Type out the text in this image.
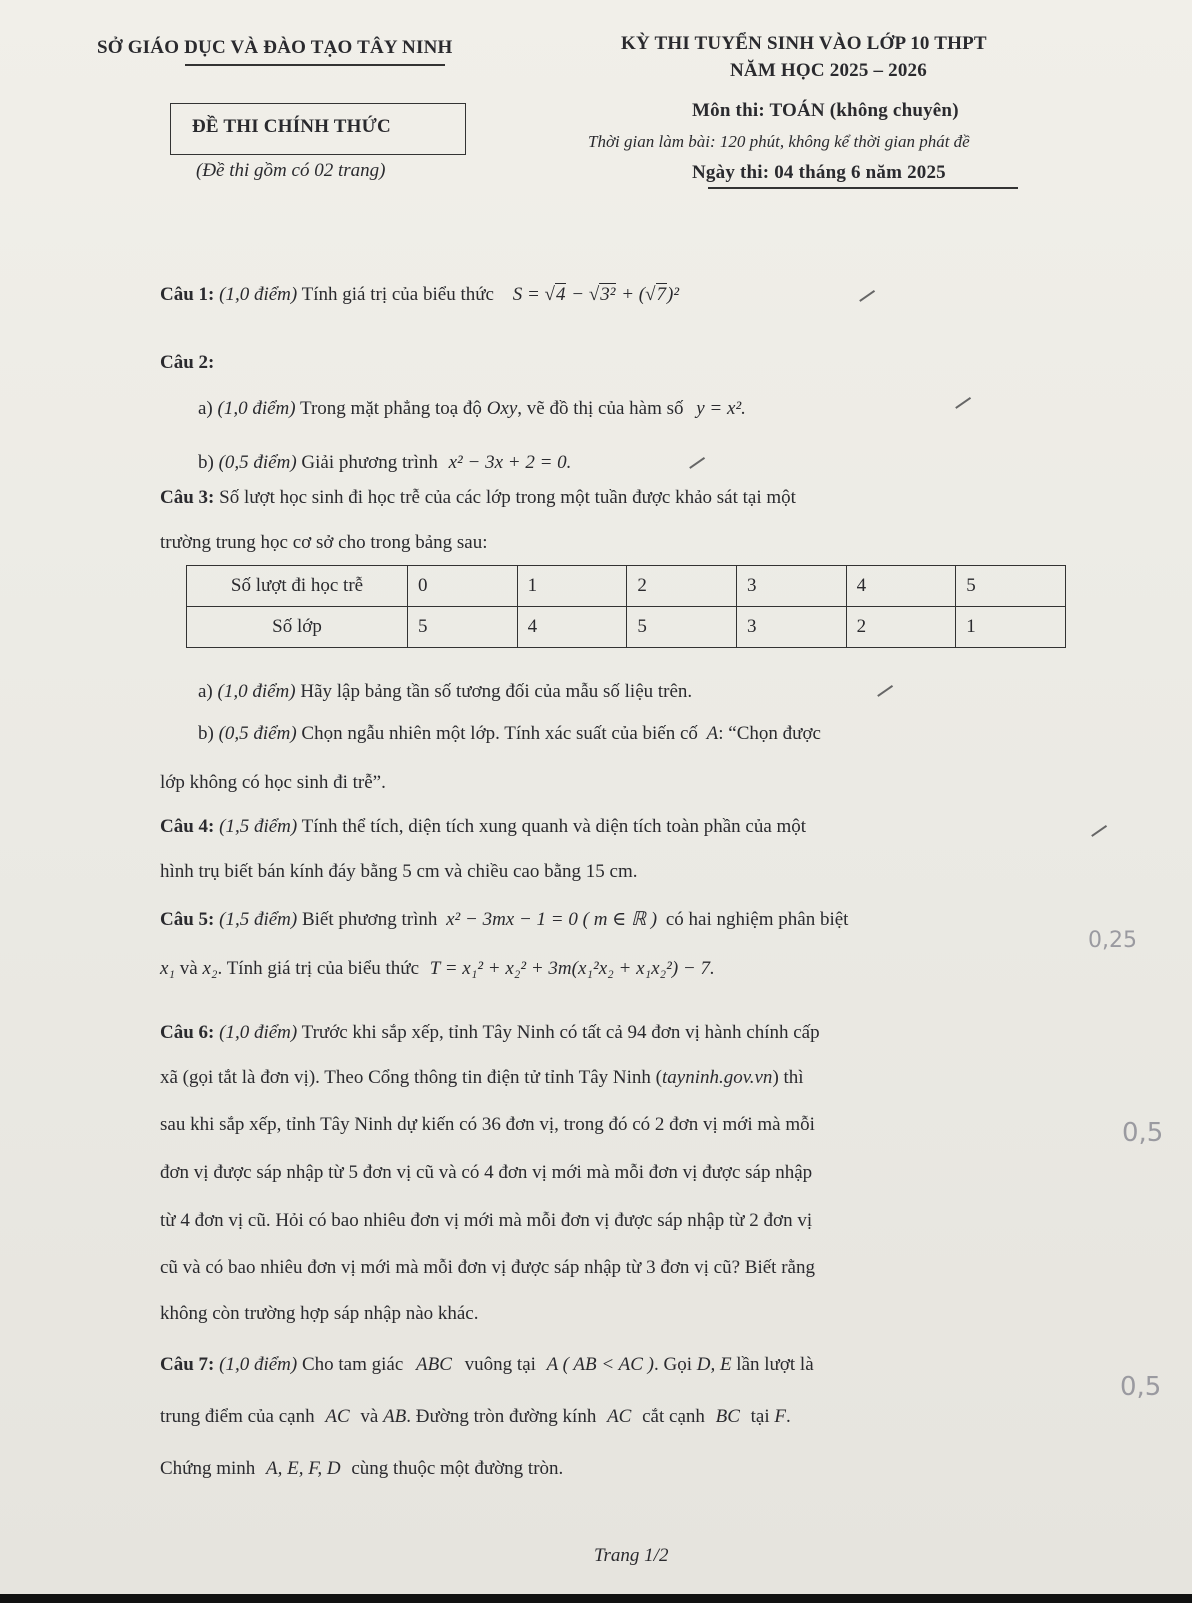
SỞ GIÁO DỤC VÀ ĐÀO TẠO TÂY NINH	KỲ THI TUYỂN SINH VÀO LỚP 10 THPT
NĂM HỌC 2025 – 2026
ĐỀ THI CHÍNH THỨC
(Đề thi gồm có 02 trang)
Môn thi: TOÁN (không chuyên)
Thời gian làm bài: 120 phút, không kể thời gian phát đề
Ngày thi: 04 tháng 6 năm 2025
Câu 1: (1,0 điểm) Tính giá trị của biểu thức S = √4 − √3² + (√7)²
Câu 2:
a) (1,0 điểm) Trong mặt phẳng toạ độ Oxy, vẽ đồ thị của hàm số y = x².
b) (0,5 điểm) Giải phương trình x² − 3x + 2 = 0.
Câu 3: Số lượt học sinh đi học trễ của các lớp trong một tuần được khảo sát tại một
trường trung học cơ sở cho trong bảng sau:
Số lượt đi học trễ	0	1	2	3	4	5
Số lớp	5	4	5	3	2	1
a) (1,0 điểm) Hãy lập bảng tần số tương đối của mẫu số liệu trên.
b) (0,5 điểm) Chọn ngẫu nhiên một lớp. Tính xác suất của biến cố A: “Chọn được
lớp không có học sinh đi trễ”.
Câu 4: (1,5 điểm) Tính thể tích, diện tích xung quanh và diện tích toàn phần của một
hình trụ biết bán kính đáy bằng 5 cm và chiều cao bằng 15 cm.
Câu 5: (1,5 điểm) Biết phương trình x² − 3mx − 1 = 0 ( m ∈ ℝ ) có hai nghiệm phân biệt
x₁ và x₂. Tính giá trị của biểu thức T = x₁² + x₂² + 3m(x₁²x₂ + x₁x₂²) − 7.
0,25
Câu 6: (1,0 điểm) Trước khi sắp xếp, tỉnh Tây Ninh có tất cả 94 đơn vị hành chính cấp
xã (gọi tắt là đơn vị). Theo Cổng thông tin điện tử tỉnh Tây Ninh (tayninh.gov.vn) thì
sau khi sắp xếp, tỉnh Tây Ninh dự kiến có 36 đơn vị, trong đó có 2 đơn vị mới mà mỗi
đơn vị được sáp nhập từ 5 đơn vị cũ và có 4 đơn vị mới mà mỗi đơn vị được sáp nhập
từ 4 đơn vị cũ. Hỏi có bao nhiêu đơn vị mới mà mỗi đơn vị được sáp nhập từ 2 đơn vị
cũ và có bao nhiêu đơn vị mới mà mỗi đơn vị được sáp nhập từ 3 đơn vị cũ? Biết rằng
không còn trường hợp sáp nhập nào khác.
0,5
Câu 7: (1,0 điểm) Cho tam giác ABC vuông tại A ( AB < AC ). Gọi D, E lần lượt là
trung điểm của cạnh AC và AB. Đường tròn đường kính AC cắt cạnh BC tại F.
Chứng minh A, E, F, D cùng thuộc một đường tròn.
0,5
Trang 1/2
